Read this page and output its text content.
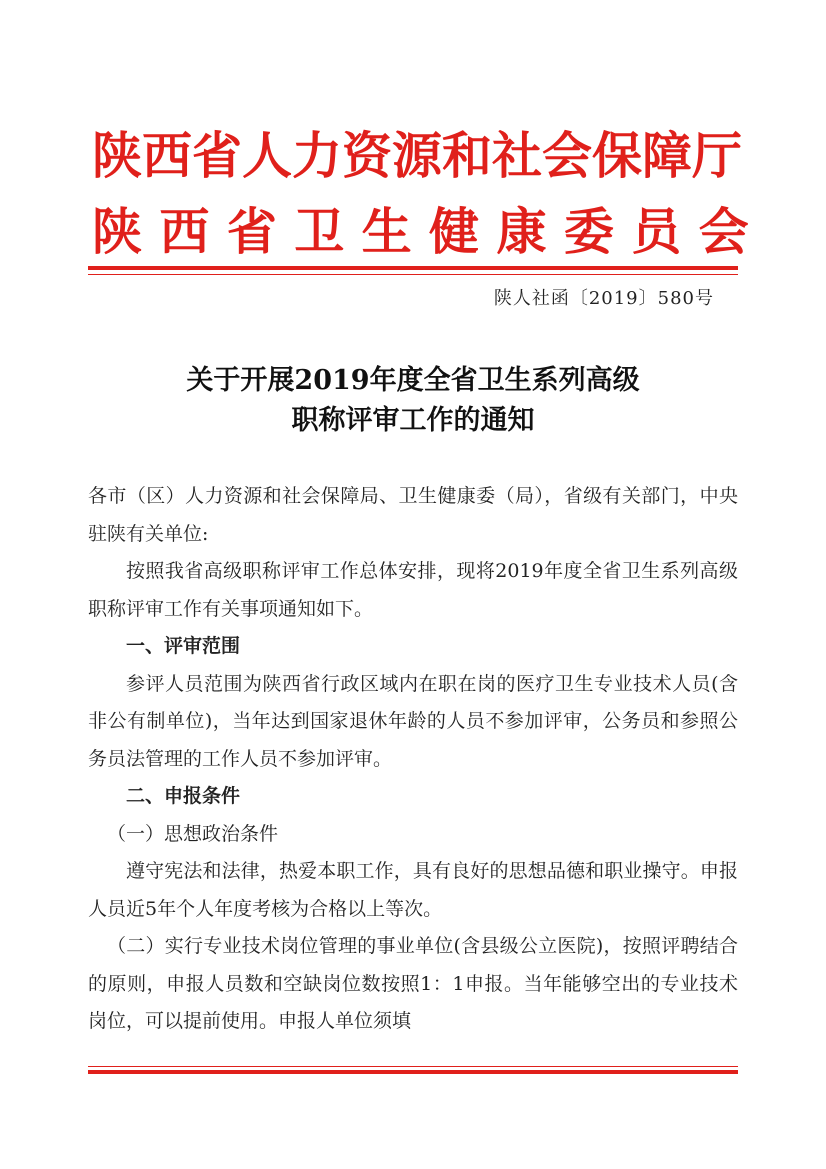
陕西省人力资源和社会保障厅
陕 西 省 卫 生 健 康 委 员 会
陕人社函〔2019〕580号
关于开展2019年度全省卫生系列高级
职称评审工作的通知

各市（区）人力资源和社会保障局、卫生健康委（局），省级有关部门，中央驻陕有关单位:

按照我省高级职称评审工作总体安排，现将2019年度全省卫生系列高级职称评审工作有关事项通知如下。

一、评审范围

参评人员范围为陕西省行政区域内在职在岗的医疗卫生专业技术人员(含非公有制单位)，当年达到国家退休年龄的人员不参加评审，公务员和参照公务员法管理的工作人员不参加评审。

二、申报条件

（一）思想政治条件

遵守宪法和法律，热爱本职工作，具有良好的思想品德和职业操守。申报人员近5年个人年度考核为合格以上等次。

（二）实行专业技术岗位管理的事业单位(含县级公立医院)，按照评聘结合的原则，申报人员数和空缺岗位数按照1：1申报。当年能够空出的专业技术岗位，可以提前使用。申报人单位须填
